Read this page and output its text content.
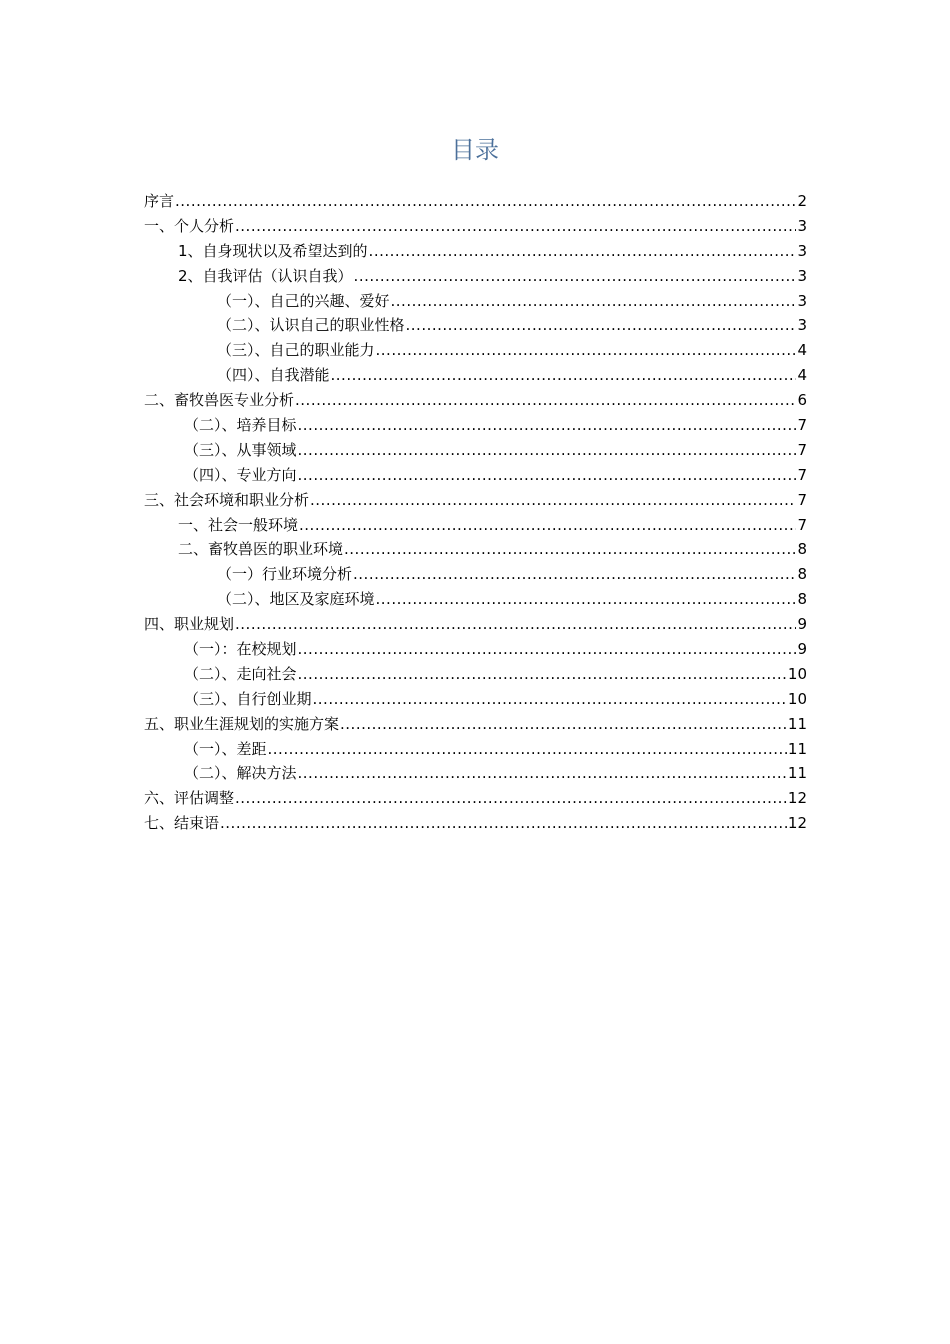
目录
序言 .....	2
一、个人分析 .....	3
1、自身现状以及希望达到的 .....	3
2、自我评估（认识自我） .....	3
（一）、自己的兴趣、爱好 .....	3
（二）、认识自己的职业性格 .....	3
（三）、自己的职业能力 .....	4
（四）、自我潜能 .....	4
二、畜牧兽医专业分析 .....	6
（二）、培养目标 .....	7
（三）、从事领域 .....	7
（四）、专业方向 .....	7
三、社会环境和职业分析 .....	7
一、社会一般环境 .....	7
二、畜牧兽医的职业环境 .....	8
（一）行业环境分析 .....	8
（二）、地区及家庭环境 .....	8
四、职业规划 .....	9
（一）：在校规划 .....	9
（二）、走向社会 .....	10
（三）、自行创业期 .....	10
五、职业生涯规划的实施方案 .....	11
（一）、差距 .....	11
（二）、解决方法 .....	11
六、评估调整 .....	12
七、结束语 .....	12
